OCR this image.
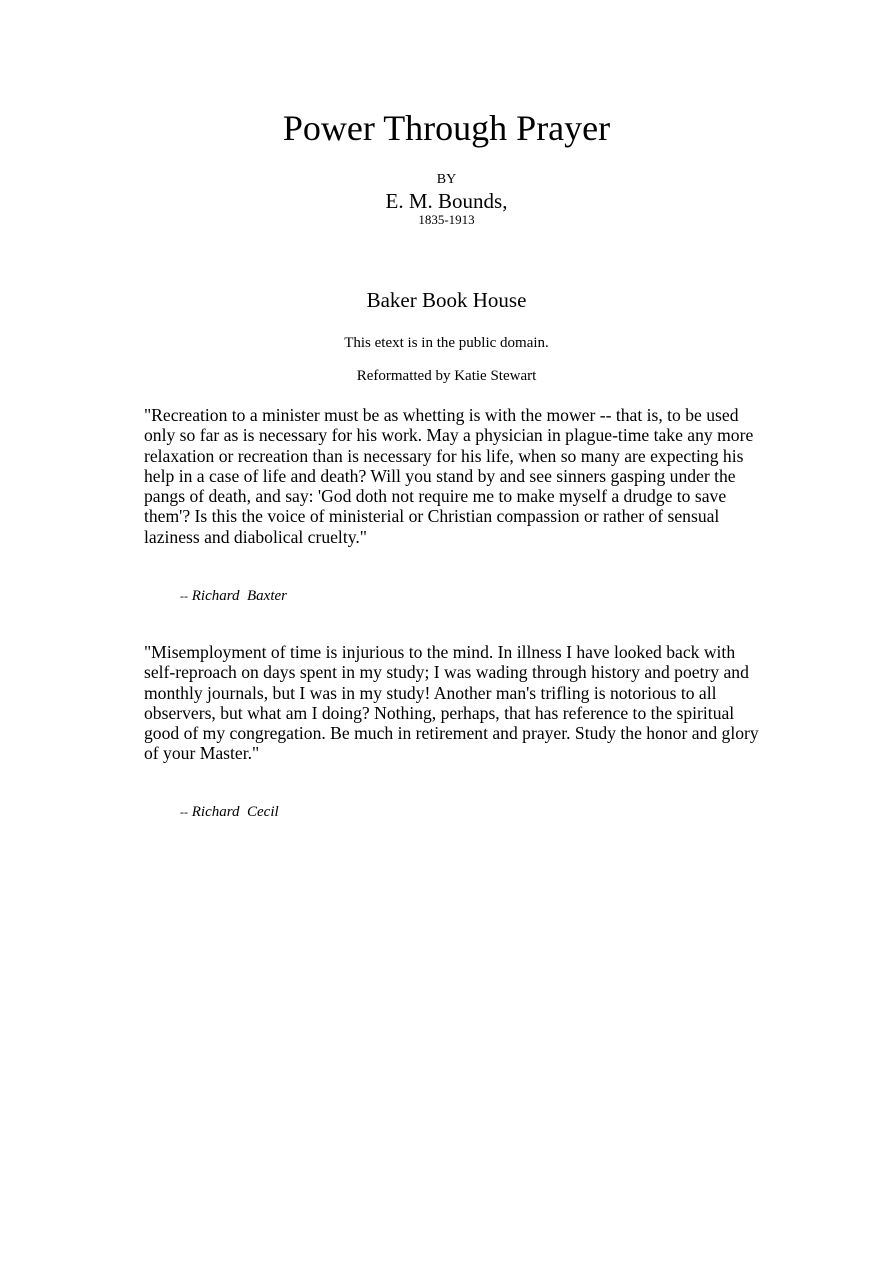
Power Through Prayer
BY
E. M. Bounds,
1835-1913
Baker Book House
This etext is in the public domain.
Reformatted by Katie Stewart
"Recreation to a minister must be as whetting is with the mower -- that is, to be used
only so far as is necessary for his work. May a physician in plague-time take any more
relaxation or recreation than is necessary for his life, when so many are expecting his
help in a case of life and death? Will you stand by and see sinners gasping under the
pangs of death, and say: 'God doth not require me to make myself a drudge to save
them'? Is this the voice of ministerial or Christian compassion or rather of sensual
laziness and diabolical cruelty."
-- Richard  Baxter
"Misemployment of time is injurious to the mind. In illness I have looked back with
self-reproach on days spent in my study; I was wading through history and poetry and
monthly journals, but I was in my study! Another man's trifling is notorious to all
observers, but what am I doing? Nothing, perhaps, that has reference to the spiritual
good of my congregation. Be much in retirement and prayer. Study the honor and glory
of your Master."
-- Richard  Cecil
